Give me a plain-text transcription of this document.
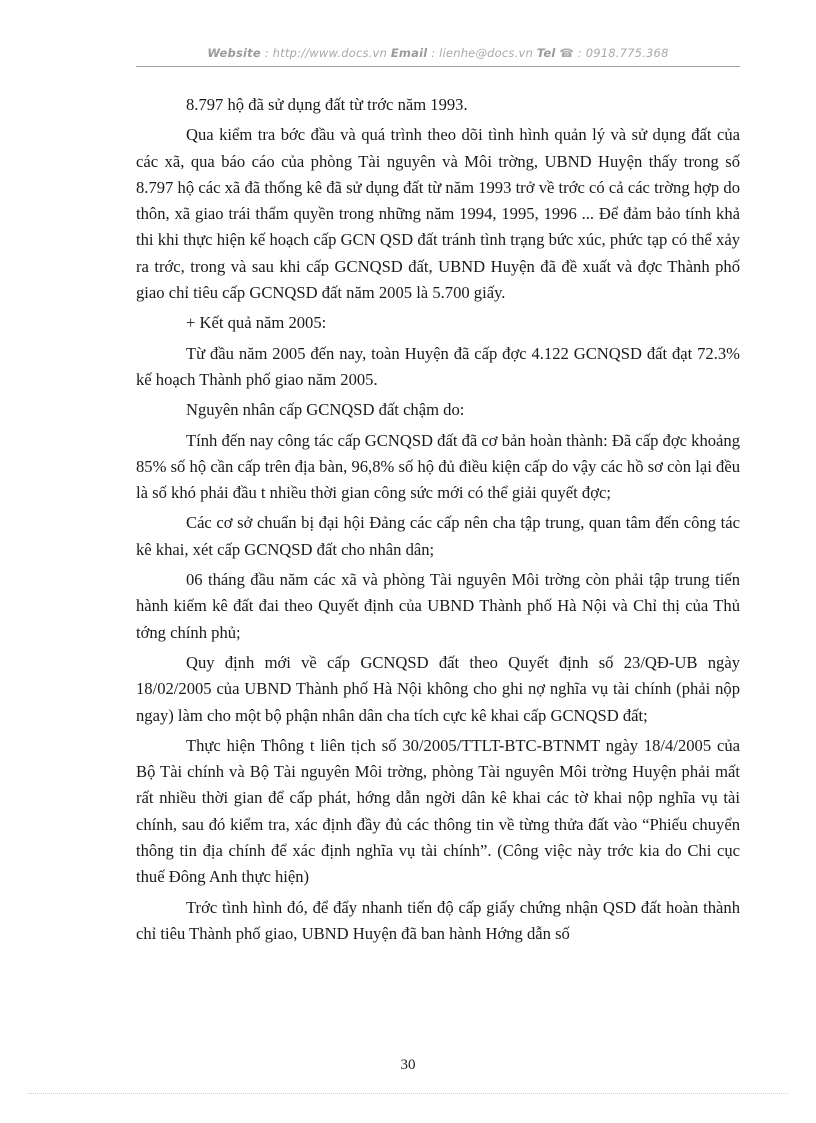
Website : http://www.docs.vn Email : lienhe@docs.vn Tel ☎ : 0918.775.368

8.797 hộ đã sử dụng đất từ trớc năm 1993.

Qua kiểm tra bớc đầu và quá trình theo dõi tình hình quản lý và sử dụng đất của các xã, qua báo cáo của phòng Tài nguyên và Môi trờng, UBND Huyện thấy trong số 8.797 hộ các xã đã thống kê đã sử dụng đất từ năm 1993 trở về trớc có cả các trờng hợp do thôn, xã giao trái thẩm quyền trong những năm 1994, 1995, 1996 ... Để đảm bảo tính khả thi khi thực hiện kế hoạch cấp GCN QSD đất tránh tình trạng bức xúc, phức tạp có thể xảy ra trớc, trong và sau khi cấp GCNQSD đất, UBND Huyện đã đề xuất và đợc Thành phố giao chỉ tiêu cấp GCNQSD đất năm 2005 là 5.700 giấy.

+ Kết quả năm 2005:

Từ đầu năm 2005 đến nay, toàn Huyện đã cấp đợc 4.122 GCNQSD đất đạt 72.3% kế hoạch Thành phố giao năm 2005.

Nguyên nhân cấp GCNQSD đất chậm do:

Tính đến nay công tác cấp GCNQSD đất đã cơ bản hoàn thành: Đã cấp đợc khoảng 85% số hộ cần cấp trên địa bàn, 96,8% số hộ đủ điều kiện cấp do vậy các hồ sơ còn lại đều là số khó phải đầu t nhiều thời gian công sức mới có thể giải quyết đợc;

Các cơ sở chuẩn bị đại hội Đảng các cấp nên cha tập trung, quan tâm đến công tác kê khai, xét cấp GCNQSD đất cho nhân dân;

06 tháng đầu năm các xã và phòng Tài nguyên Môi trờng còn phải tập trung tiến hành kiểm kê đất đai theo Quyết định của UBND Thành phố Hà Nội và Chỉ thị của Thủ tớng chính phủ;

Quy định mới về cấp GCNQSD đất theo Quyết định số 23/QĐ-UB ngày 18/02/2005 của UBND Thành phố Hà Nội không cho ghi nợ nghĩa vụ tài chính (phải nộp ngay) làm cho một bộ phận nhân dân cha tích cực kê khai cấp GCNQSD đất;

Thực hiện Thông t liên tịch số 30/2005/TTLT-BTC-BTNMT ngày 18/4/2005 của Bộ Tài chính và Bộ Tài nguyên Môi trờng, phòng Tài nguyên Môi trờng Huyện phải mất rất nhiều thời gian để cấp phát, hớng dẫn ngời dân kê khai các tờ khai nộp nghĩa vụ tài chính, sau đó kiểm tra, xác định đầy đủ các thông tin về từng thửa đất vào “Phiếu chuyển thông tin địa chính để xác định nghĩa vụ tài chính”. (Công việc này trớc kia do Chi cục thuế Đông Anh thực hiện)

Trớc tình hình đó, để đẩy nhanh tiến độ cấp giấy chứng nhận QSD đất hoàn thành chỉ tiêu Thành phố giao, UBND Huyện đã ban hành Hớng dẫn số

30
